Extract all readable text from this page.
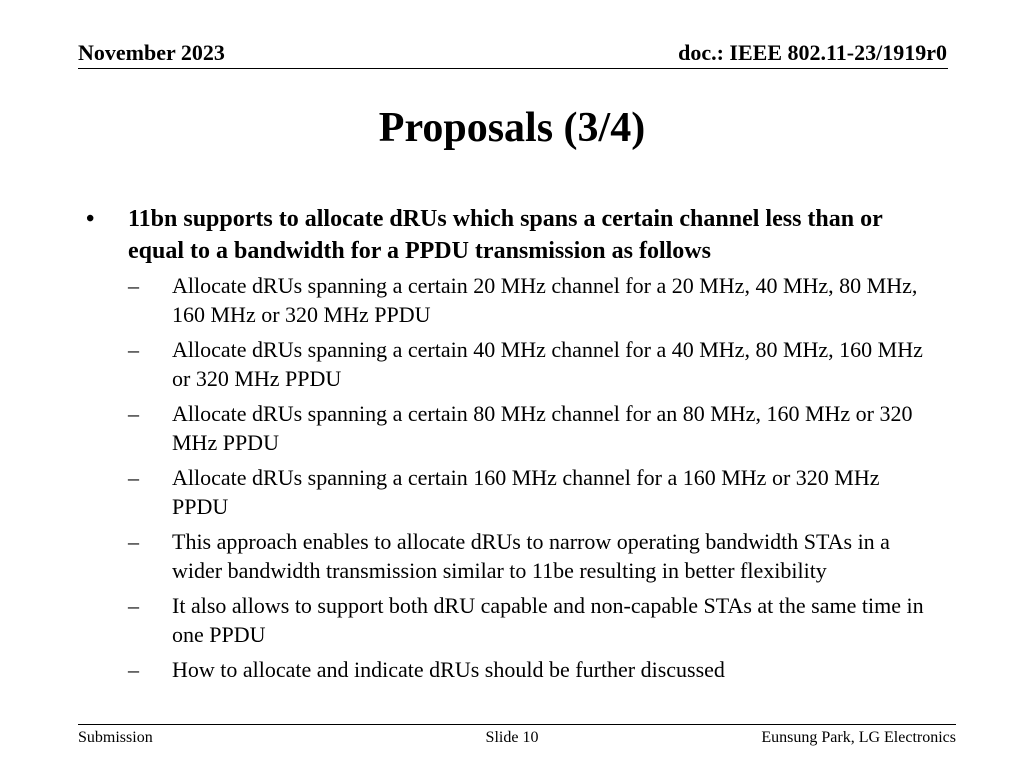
November 2023	doc.: IEEE 802.11-23/1919r0
Proposals (3/4)
•	11bn supports to allocate dRUs which spans a certain channel less than or equal to a bandwidth for a PPDU transmission as follows
–	Allocate dRUs spanning a certain 20 MHz channel for a 20 MHz, 40 MHz, 80 MHz, 160 MHz or 320 MHz PPDU
–	Allocate dRUs spanning a certain 40 MHz channel for a 40 MHz, 80 MHz, 160 MHz or 320 MHz PPDU
–	Allocate dRUs spanning a certain 80 MHz channel for an 80 MHz, 160 MHz or 320 MHz PPDU
–	Allocate dRUs spanning a certain 160 MHz channel for a 160 MHz or 320 MHz PPDU
–	This approach enables to allocate dRUs to narrow operating bandwidth STAs in a wider bandwidth transmission similar to 11be resulting in better flexibility
–	It also allows to support both dRU capable and non-capable STAs at the same time in one PPDU
–	How to allocate and indicate dRUs should be further discussed
Submission	Slide 10	Eunsung Park, LG Electronics
